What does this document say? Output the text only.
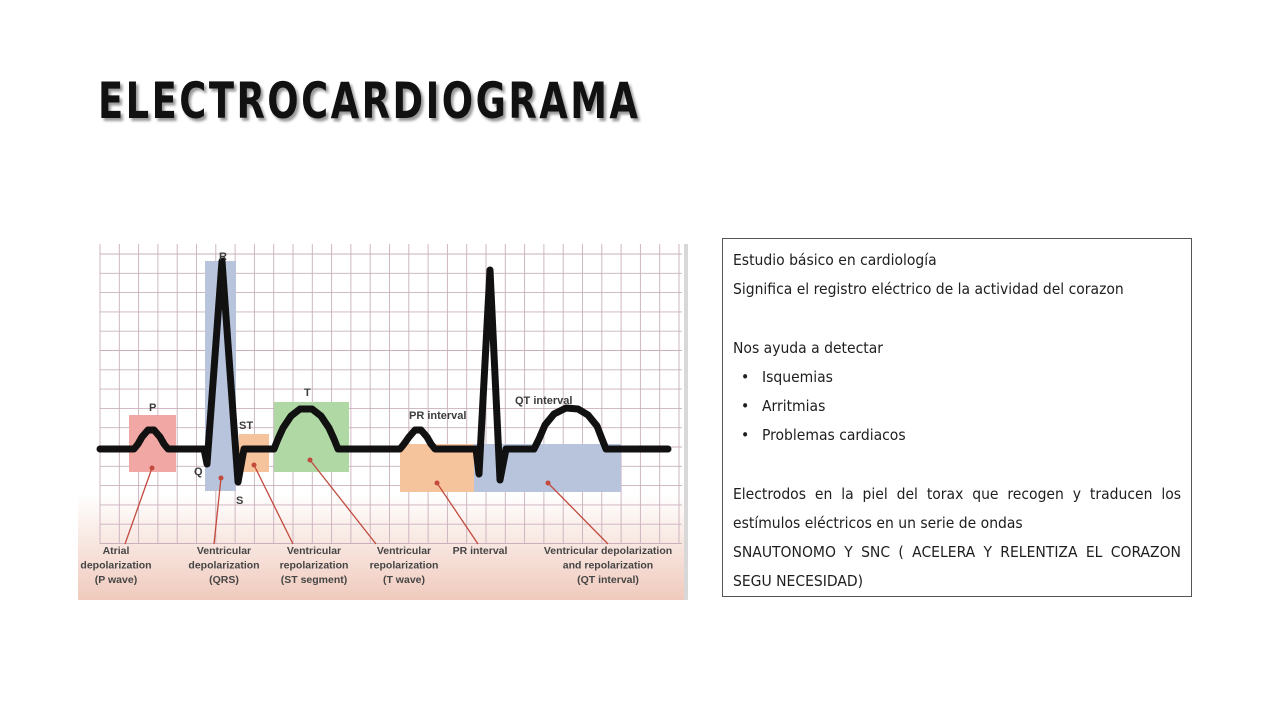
ELECTROCARDIOGRAMA
R
P
Q
S
ST
T
PR interval
QT interval
Atrial
depolarization
(P wave)
Ventricular
depolarization
(QRS)
Ventricular
repolarization
(ST segment)
Ventricular
repolarization
(T wave)
PR interval	Ventricular depolarization
and repolarization
(QT interval)

Estudio básico en cardiología

Significa el registro eléctrico de la actividad del corazon

Nos ayuda a detectar

• Isquemias
• Arritmias
• Problemas cardiacos

Electrodos en la piel del torax que recogen y traducen los estímulos eléctricos en un serie de ondas

SNAUTONOMO Y SNC ( ACELERA Y RELENTIZA EL CORAZON SEGU NECESIDAD)
